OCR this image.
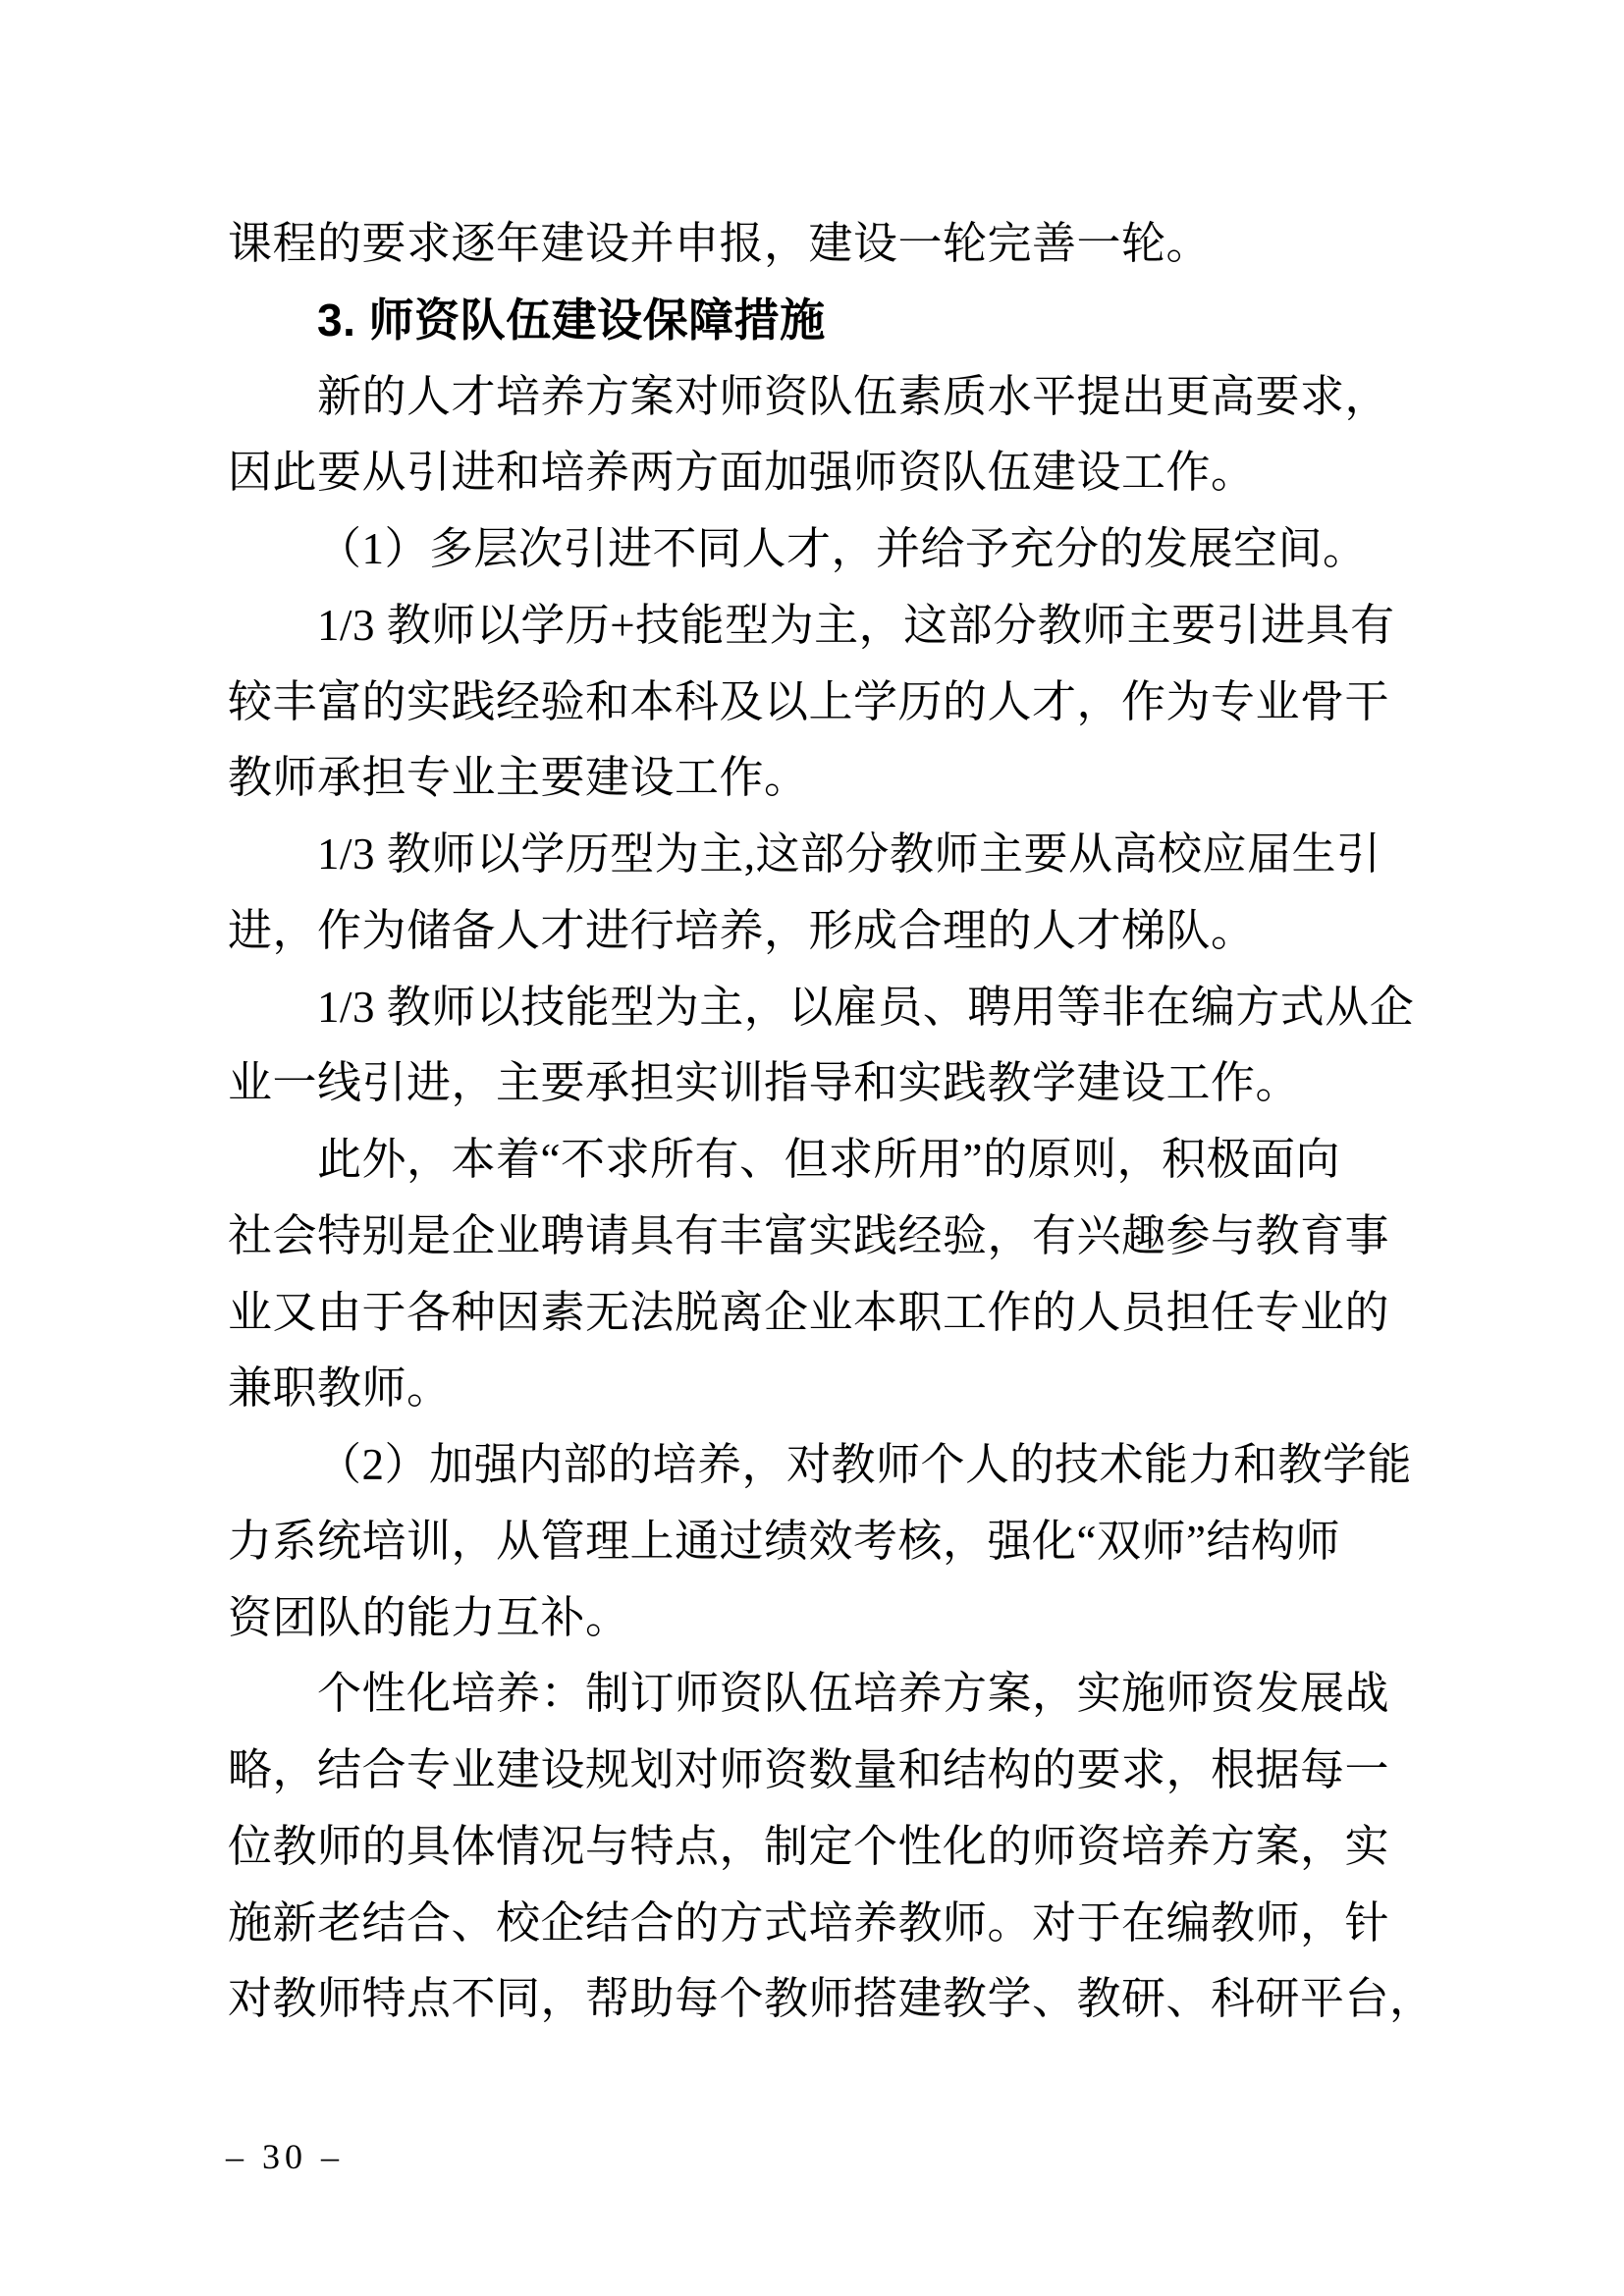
课程的要求逐年建设并申报，建设一轮完善一轮。
3. 师资队伍建设保障措施
新的人才培养方案对师资队伍素质水平提出更高要求，
因此要从引进和培养两方面加强师资队伍建设工作。
（1）多层次引进不同人才，并给予充分的发展空间。
1/3 教师以学历+技能型为主，这部分教师主要引进具有
较丰富的实践经验和本科及以上学历的人才，作为专业骨干
教师承担专业主要建设工作。
1/3 教师以学历型为主,这部分教师主要从高校应届生引
进，作为储备人才进行培养，形成合理的人才梯队。
1/3 教师以技能型为主，以雇员、聘用等非在编方式从企
业一线引进，主要承担实训指导和实践教学建设工作。
此外，本着“不求所有、但求所用”的原则，积极面向
社会特别是企业聘请具有丰富实践经验，有兴趣参与教育事
业又由于各种因素无法脱离企业本职工作的人员担任专业的
兼职教师。
（2）加强内部的培养，对教师个人的技术能力和教学能
力系统培训，从管理上通过绩效考核，强化“双师”结构师
资团队的能力互补。
个性化培养：制订师资队伍培养方案，实施师资发展战
略，结合专业建设规划对师资数量和结构的要求，根据每一
位教师的具体情况与特点，制定个性化的师资培养方案，实
施新老结合、校企结合的方式培养教师。对于在编教师，针
对教师特点不同，帮助每个教师搭建教学、教研、科研平台，
– 30 –
